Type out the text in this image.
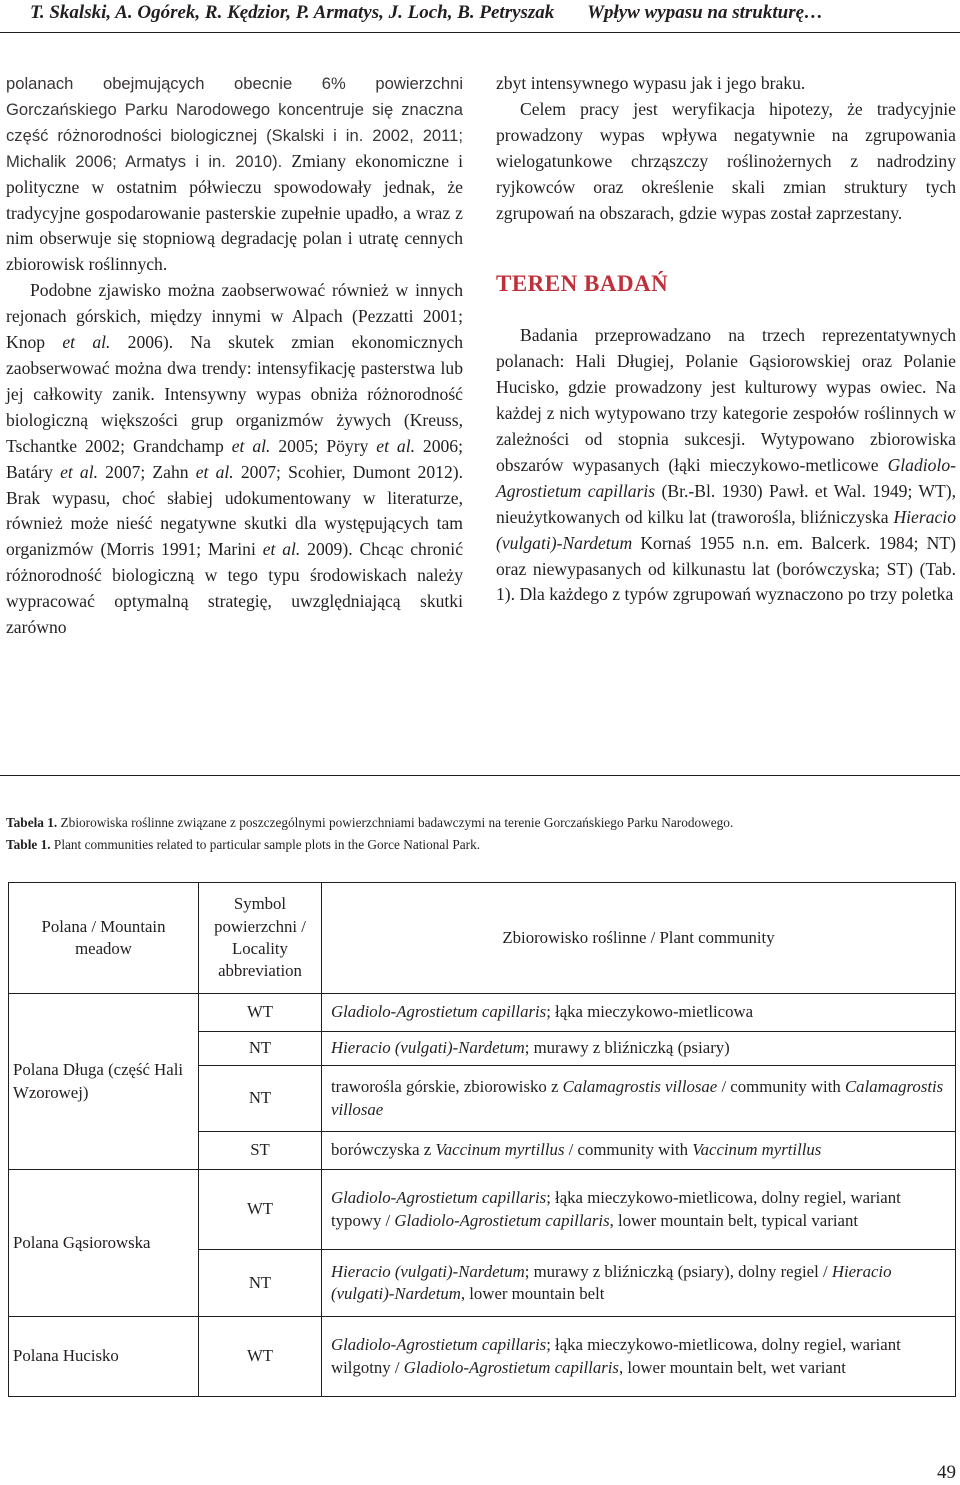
T. Skalski, A. Ogórek, R. Kędzior, P. Armatys, J. Loch, B. Petryszak Wpływ wypasu na strukturę…

polanach obejmujących obecnie 6% powierzchni Gorczańskiego Parku Narodowego koncentruje się znaczna część różnorodności biologicznej (Skalski i in. 2002, 2011; Michalik 2006; Armatys i in. 2010). Zmiany ekonomiczne i polityczne w ostatnim półwieczu spowodowały jednak, że tradycyjne gospodarowanie pasterskie zupełnie upadło, a wraz z nim obserwuje się stopniową degradację polan i utratę cennych zbiorowisk roślinnych.

Podobne zjawisko można zaobserwować również w innych rejonach górskich, między innymi w Alpach (Pezzatti 2001; Knop et al. 2006). Na skutek zmian ekonomicznych zaobserwować można dwa trendy: intensyfikację pasterstwa lub jej całkowity zanik. Intensywny wypas obniża różnorodność biologiczną większości grup organizmów żywych (Kreuss, Tschantke 2002; Grandchamp et al. 2005; Pöyry et al. 2006; Batáry et al. 2007; Zahn et al. 2007; Scohier, Dumont 2012). Brak wypasu, choć słabiej udokumentowany w literaturze, również może nieść negatywne skutki dla występujących tam organizmów (Morris 1991; Marini et al. 2009). Chcąc chronić różnorodność biologiczną w tego typu środowiskach należy wypracować optymalną strategię, uwzględniającą skutki zarówno

zbyt intensywnego wypasu jak i jego braku.

Celem pracy jest weryfikacja hipotezy, że tradycyjnie prowadzony wypas wpływa negatywnie na zgrupowania wielogatunkowe chrząszczy roślinożernych z nadrodziny ryjkowców oraz określenie skali zmian struktury tych zgrupowań na obszarach, gdzie wypas został zaprzestany.

TEREN BADAŃ

Badania przeprowadzano na trzech reprezentatywnych polanach: Hali Długiej, Polanie Gąsiorowskiej oraz Polanie Hucisko, gdzie prowadzony jest kulturowy wypas owiec. Na każdej z nich wytypowano trzy kategorie zespołów roślinnych w zależności od stopnia sukcesji. Wytypowano zbiorowiska obszarów wypasanych (łąki mieczykowo-metlicowe Gladiolo-Agrostietum capillaris (Br.-Bl. 1930) Pawł. et Wal. 1949; WT), nieużytkowanych od kilku lat (traworośla, bliźniczyska Hieracio (vulgati)-Nardetum Kornaś 1955 n.n. em. Balcerk. 1984; NT) oraz niewypasanych od kilkunastu lat (borówczyska; ST) (Tab. 1). Dla każdego z typów zgrupowań wyznaczono po trzy poletka

Tabela 1. Zbiorowiska roślinne związane z poszczególnymi powierzchniami badawczymi na terenie Gorczańskiego Parku Narodowego.
Table 1. Plant communities related to particular sample plots in the Gorce National Park.
Polana / Mountain meadow	Symbol powierzchni / Locality abbreviation	Zbiorowisko roślinne / Plant community
Polana Długa (część Hali Wzorowej)	WT	Gladiolo-Agrostietum capillaris; łąka mieczykowo-mietlicowa
	NT	Hieracio (vulgati)-Nardetum; murawy z bliźniczką (psiary)
	NT	traworośla górskie, zbiorowisko z Calamagrostis villosae / community with Calamagrostis villosae
	ST	borówczyska z Vaccinum myrtillus / community with Vaccinum myrtillus
Polana Gąsiorowska	WT	Gladiolo-Agrostietum capillaris; łąka mieczykowo-mietlicowa, dolny regiel, wariant typowy / Gladiolo-Agrostietum capillaris, lower mountain belt, typical variant
	NT	Hieracio (vulgati)-Nardetum; murawy z bliźniczką (psiary), dolny regiel / Hieracio (vulgati)-Nardetum, lower mountain belt
Polana Hucisko	WT	Gladiolo-Agrostietum capillaris; łąka mieczykowo-mietlicowa, dolny regiel, wariant wilgotny / Gladiolo-Agrostietum capillaris, lower mountain belt, wet variant
49
